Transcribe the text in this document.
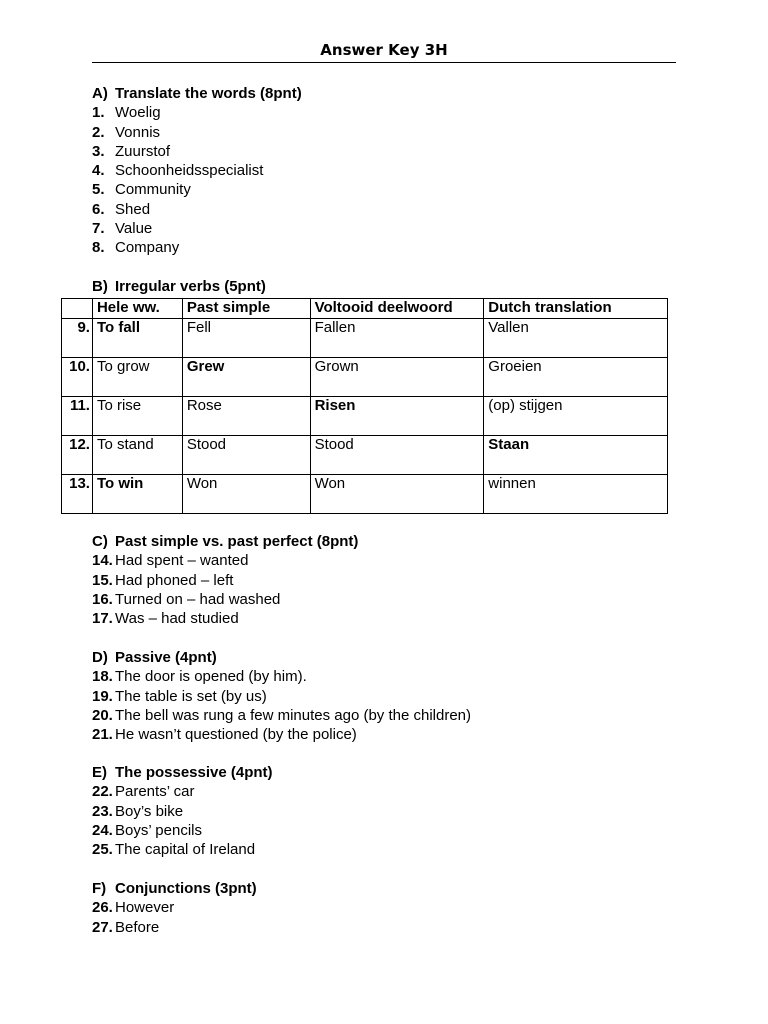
Answer Key 3H
A) Translate the words (8pnt)
1. Woelig
2. Vonnis
3. Zuurstof
4. Schoonheidsspecialist
5. Community
6. Shed
7. Value
8. Company
B) Irregular verbs (5pnt)
	Hele ww.	Past simple	Voltooid deelwoord	Dutch translation
9.	To fall	Fell	Fallen	Vallen
10.	To grow	Grew	Grown	Groeien
11.	To rise	Rose	Risen	(op) stijgen
12.	To stand	Stood	Stood	Staan
13.	To win	Won	Won	winnen
C) Past simple vs. past perfect (8pnt)
14. Had spent – wanted
15. Had phoned – left
16. Turned on – had washed
17. Was – had studied
D) Passive (4pnt)
18. The door is opened (by him).
19. The table is set (by us)
20. The bell was rung a few minutes ago (by the children)
21. He wasn’t questioned (by the police)
E) The possessive (4pnt)
22. Parents’ car
23. Boy’s bike
24. Boys’ pencils
25. The capital of Ireland
F) Conjunctions (3pnt)
26. However
27. Before
